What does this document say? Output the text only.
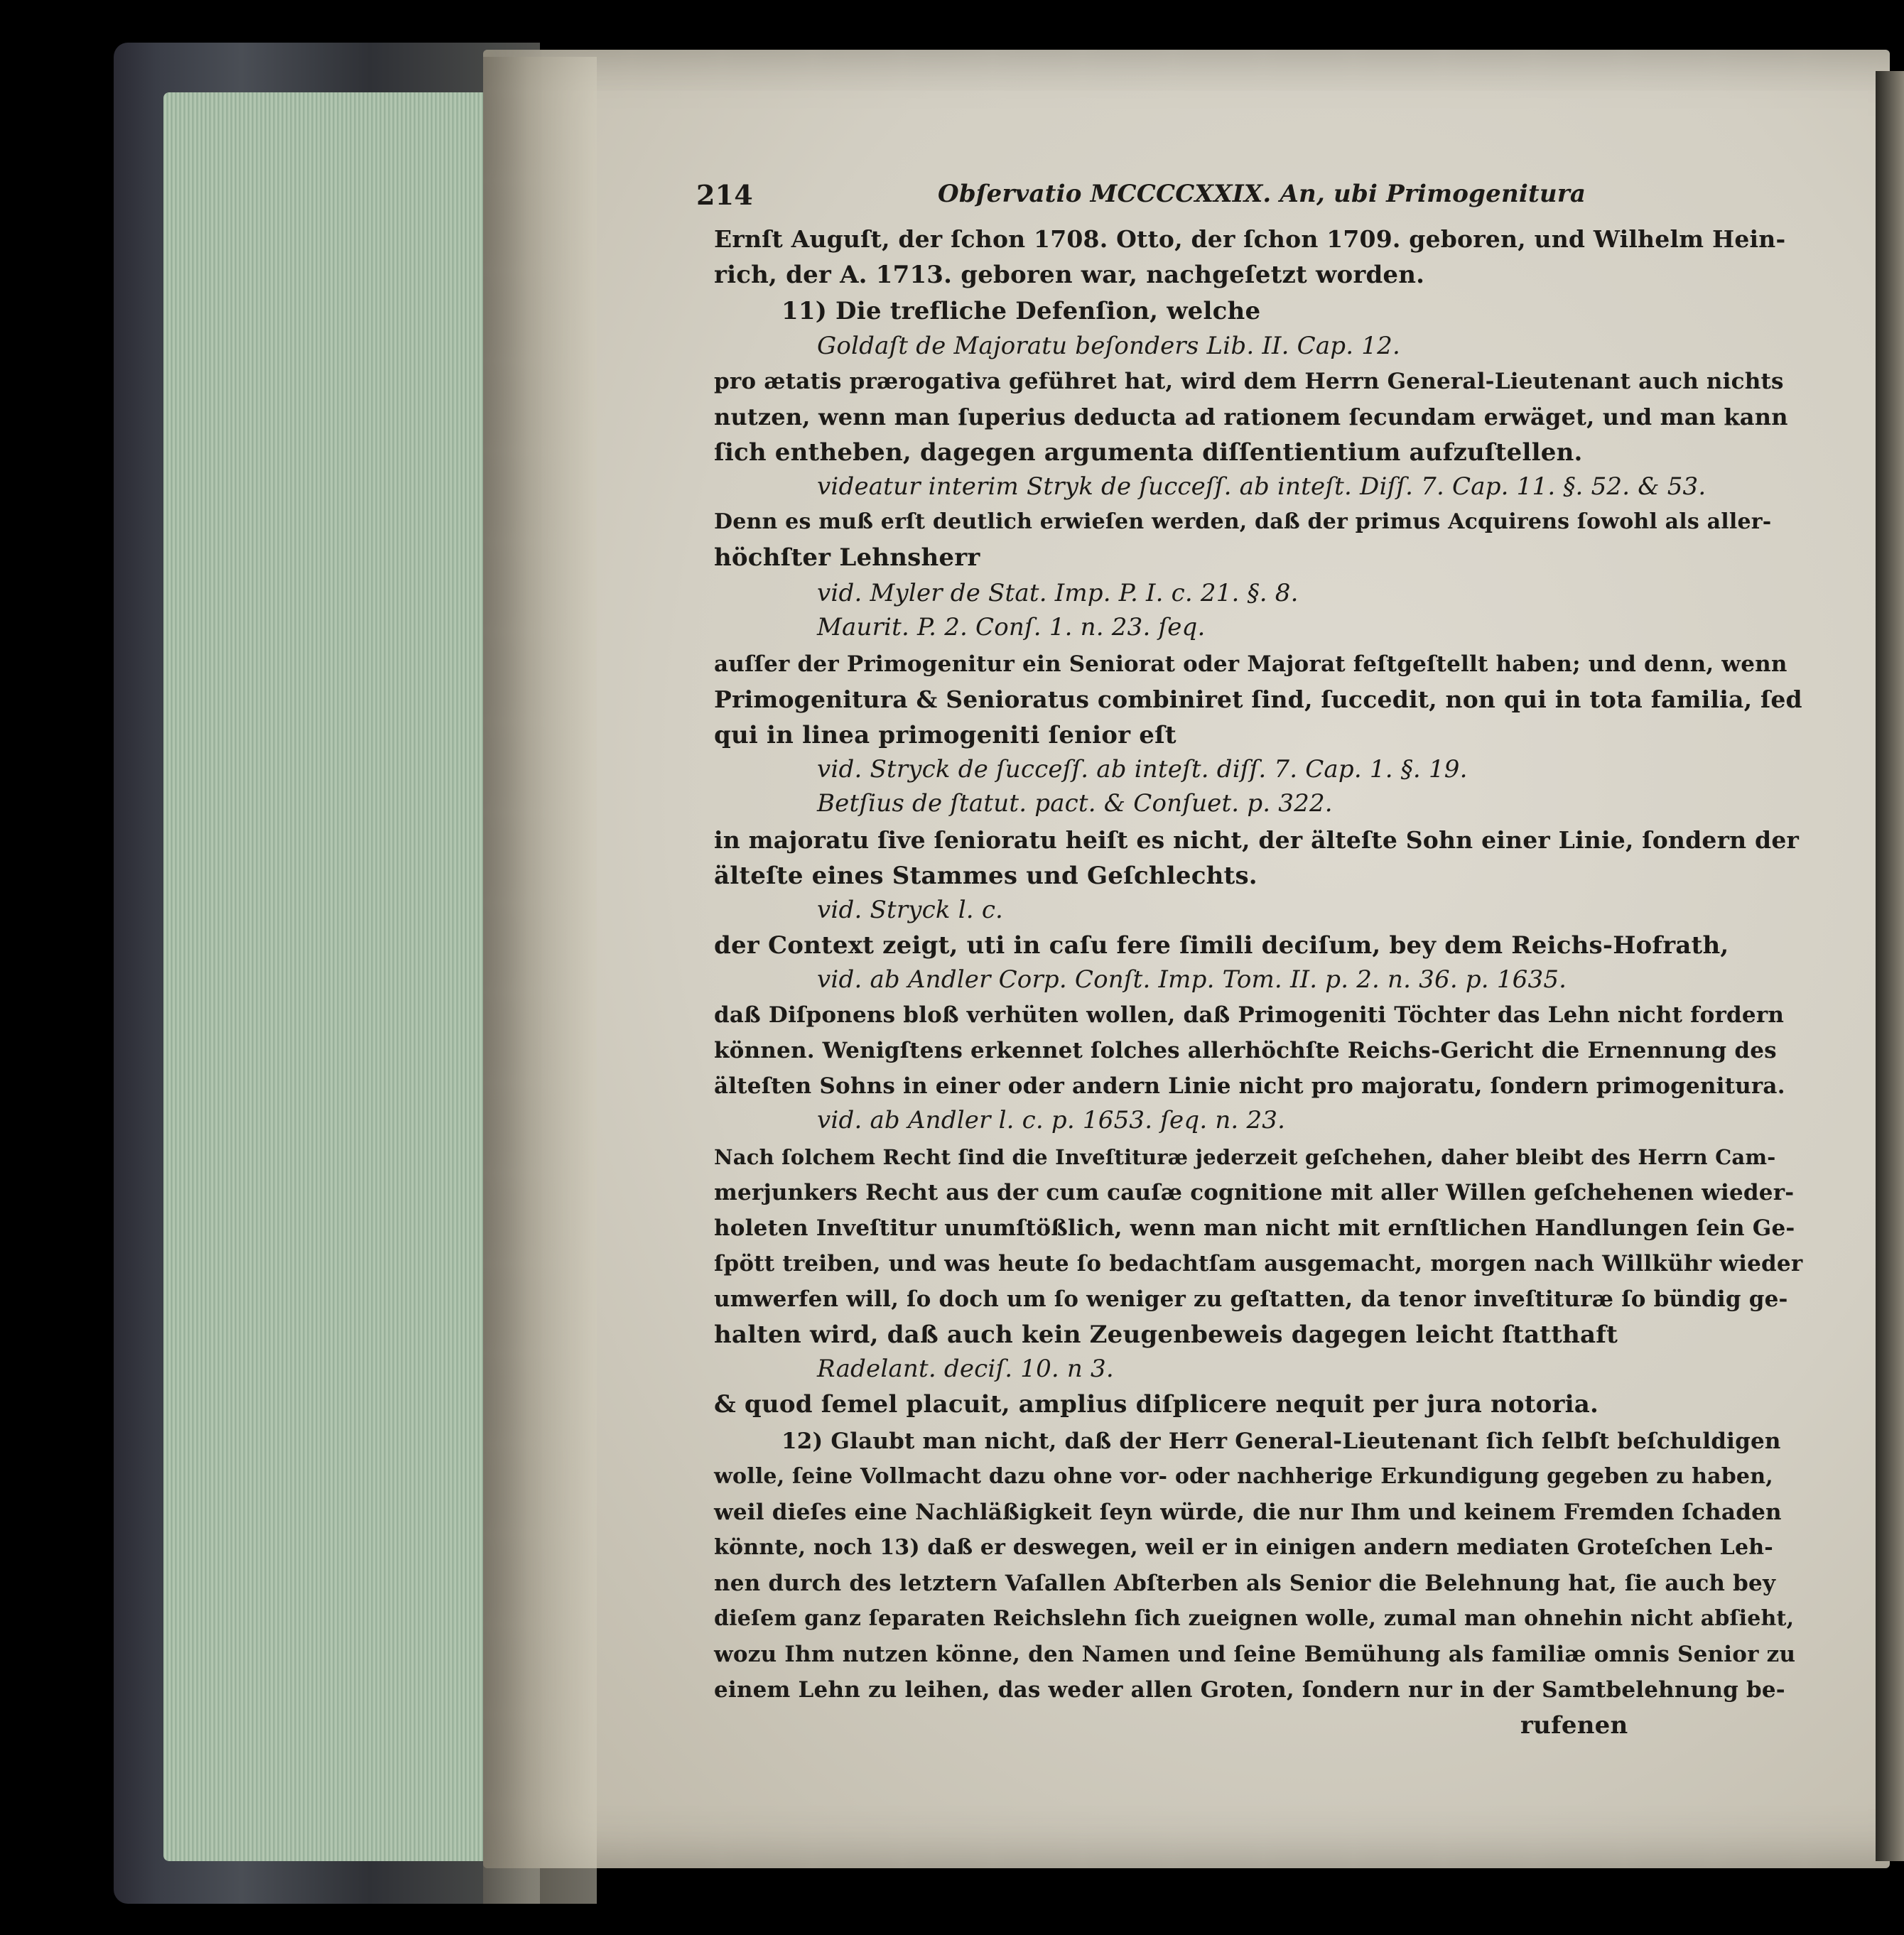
214	Obſervatio MCCCCXXIX. An, ubi Primogenitura
Ernſt Auguſt, der ſchon 1708. Otto, der ſchon 1709. geboren, und Wilhelm Hein-
rich, der A. 1713. geboren war, nachgeſetzt worden.
11) Die trefliche Defenſion, welche
Goldaſt de Majoratu beſonders Lib. II. Cap. 12.
pro ætatis prærogativa geführet hat, wird dem Herrn General-Lieutenant auch nichts
nutzen, wenn man ſuperius deducta ad rationem ſecundam erwäget, und man kann
ſich entheben, dagegen argumenta diſſentientium aufzuſtellen.
videatur interim Stryk de ſucceſſ. ab inteſt. Diſſ. 7. Cap. 11. §. 52. & 53.
Denn es muß erſt deutlich erwieſen werden, daß der primus Acquirens ſowohl als aller-
höchſter Lehnsherr
vid. Myler de Stat. Imp. P. I. c. 21. §. 8.
Maurit. P. 2. Conſ. 1. n. 23. ſeq.
auſſer der Primogenitur ein Seniorat oder Majorat feſtgeſtellt haben; und denn, wenn
Primogenitura & Senioratus combiniret ſind, ſuccedit, non qui in tota familia, ſed
qui in linea primogeniti ſenior eſt
vid. Stryck de ſucceſſ. ab inteſt. diſſ. 7. Cap. 1. §. 19.
Betſius de ſtatut. pact. & Conſuet. p. 322.
in majoratu ſive ſenioratu heiſt es nicht, der älteſte Sohn einer Linie, ſondern der
älteſte eines Stammes und Geſchlechts.
vid. Stryck l. c.
der Context zeigt, uti in caſu fere ſimili deciſum, bey dem Reichs-Hofrath,
vid. ab Andler Corp. Conſt. Imp. Tom. II. p. 2. n. 36. p. 1635.
daß Diſponens bloß verhüten wollen, daß Primogeniti Töchter das Lehn nicht fordern
können. Wenigſtens erkennet ſolches allerhöchſte Reichs-Gericht die Ernennung des
älteſten Sohns in einer oder andern Linie nicht pro majoratu, ſondern primogenitura.
vid. ab Andler l. c. p. 1653. ſeq. n. 23.
Nach ſolchem Recht ſind die Inveſtituræ jederzeit geſchehen, daher bleibt des Herrn Cam-
merjunkers Recht aus der cum cauſæ cognitione mit aller Willen geſchehenen wieder-
holeten Inveſtitur unumſtößlich, wenn man nicht mit ernſtlichen Handlungen ſein Ge-
ſpött treiben, und was heute ſo bedachtſam ausgemacht, morgen nach Willkühr wieder
umwerfen will, ſo doch um ſo weniger zu geſtatten, da tenor inveſtituræ ſo bündig ge-
halten wird, daß auch kein Zeugenbeweis dagegen leicht ſtatthaft
Radelant. deciſ. 10. n 3.
& quod ſemel placuit, amplius diſplicere nequit per jura notoria.
12) Glaubt man nicht, daß der Herr General-Lieutenant ſich ſelbſt beſchuldigen
wolle, ſeine Vollmacht dazu ohne vor- oder nachherige Erkundigung gegeben zu haben,
weil dieſes eine Nachläßigkeit ſeyn würde, die nur Ihm und keinem Fremden ſchaden
könnte, noch 13) daß er deswegen, weil er in einigen andern mediaten Groteſchen Leh-
nen durch des letztern Vaſallen Abſterben als Senior die Belehnung hat, ſie auch bey
dieſem ganz ſeparaten Reichslehn ſich zueignen wolle, zumal man ohnehin nicht abſieht,
wozu Ihm nutzen könne, den Namen und ſeine Bemühung als familiæ omnis Senior zu
einem Lehn zu leihen, das weder allen Groten, ſondern nur in der Samtbelehnung be-
rufenen
